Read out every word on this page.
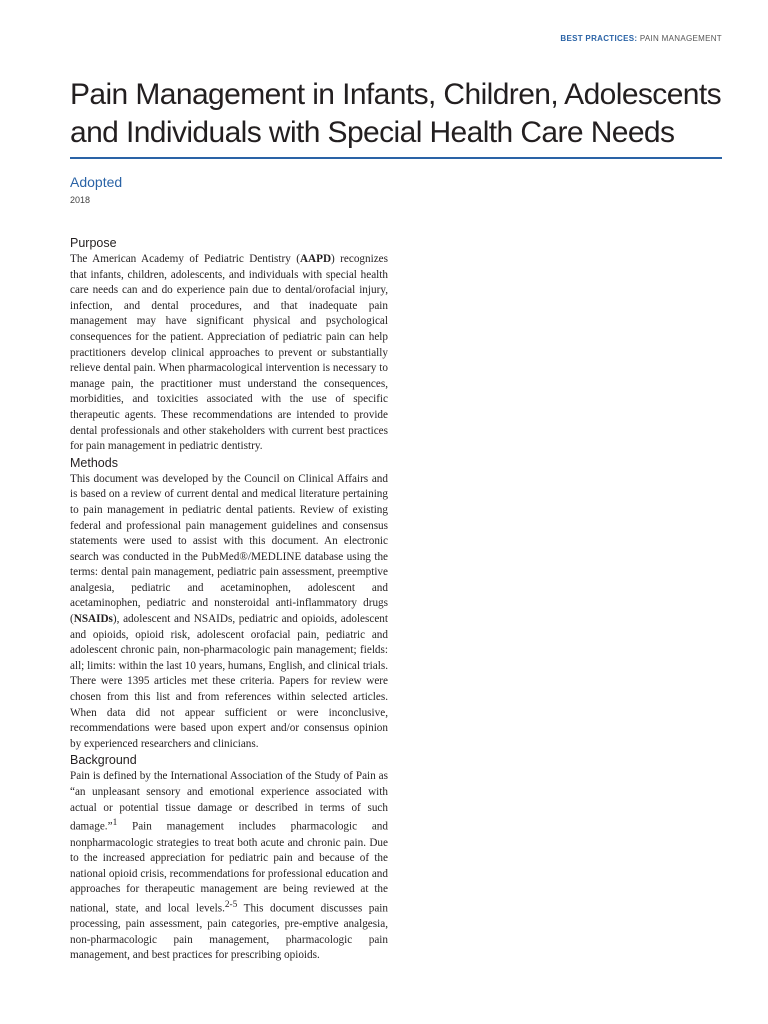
BEST PRACTICES: PAIN MANAGEMENT
Pain Management in Infants, Children, Adolescents and Individuals with Special Health Care Needs
Adopted
2018
Purpose

The American Academy of Pediatric Dentistry (AAPD) recognizes that infants, children, adolescents, and individuals with special health care needs can and do experience pain due to dental/orofacial injury, infection, and dental procedures, and that inadequate pain management may have significant physical and psychological consequences for the patient. Appreciation of pediatric pain can help practitioners develop clinical approaches to prevent or substantially relieve dental pain. When pharmacological intervention is necessary to manage pain, the practitioner must understand the consequences, morbidities, and toxicities associated with the use of specific therapeutic agents. These recommendations are intended to provide dental professionals and other stakeholders with current best practices for pain management in pediatric dentistry.

Methods

This document was developed by the Council on Clinical Affairs and is based on a review of current dental and medical literature pertaining to pain management in pediatric dental patients. Review of existing federal and professional pain management guidelines and consensus statements were used to assist with this document. An electronic search was conducted in the PubMed®/MEDLINE database using the terms: dental pain management, pediatric pain assessment, preemptive analgesia, pediatric and acetaminophen, adolescent and acetaminophen, pediatric and nonsteroidal anti-inflammatory drugs (NSAIDs), adolescent and NSAIDs, pediatric and opioids, adolescent and opioids, opioid risk, adolescent orofacial pain, pediatric and adolescent chronic pain, non-pharmacologic pain management; fields: all; limits: within the last 10 years, humans, English, and clinical trials. There were 1395 articles met these criteria. Papers for review were chosen from this list and from references within selected articles. When data did not appear sufficient or were inconclusive, recommendations were based upon expert and/or consensus opinion by experienced researchers and clinicians.

Background

Pain is defined by the International Association of the Study of Pain as “an unpleasant sensory and emotional experience associated with actual or potential tissue damage or described in terms of such damage.”$^1$ Pain management includes pharmacologic and nonpharmacologic strategies to treat both acute and chronic pain. Due to the increased appreciation for pediatric pain and because of the national opioid crisis, recommendations for professional education and approaches for therapeutic management are being reviewed at the national, state, and local levels.$^{2-5}$ This document discusses pain processing, pain assessment, pain categories, pre-emptive analgesia, non-pharmacologic pain management, pharmacologic pain management, and best practices for prescribing opioids.
